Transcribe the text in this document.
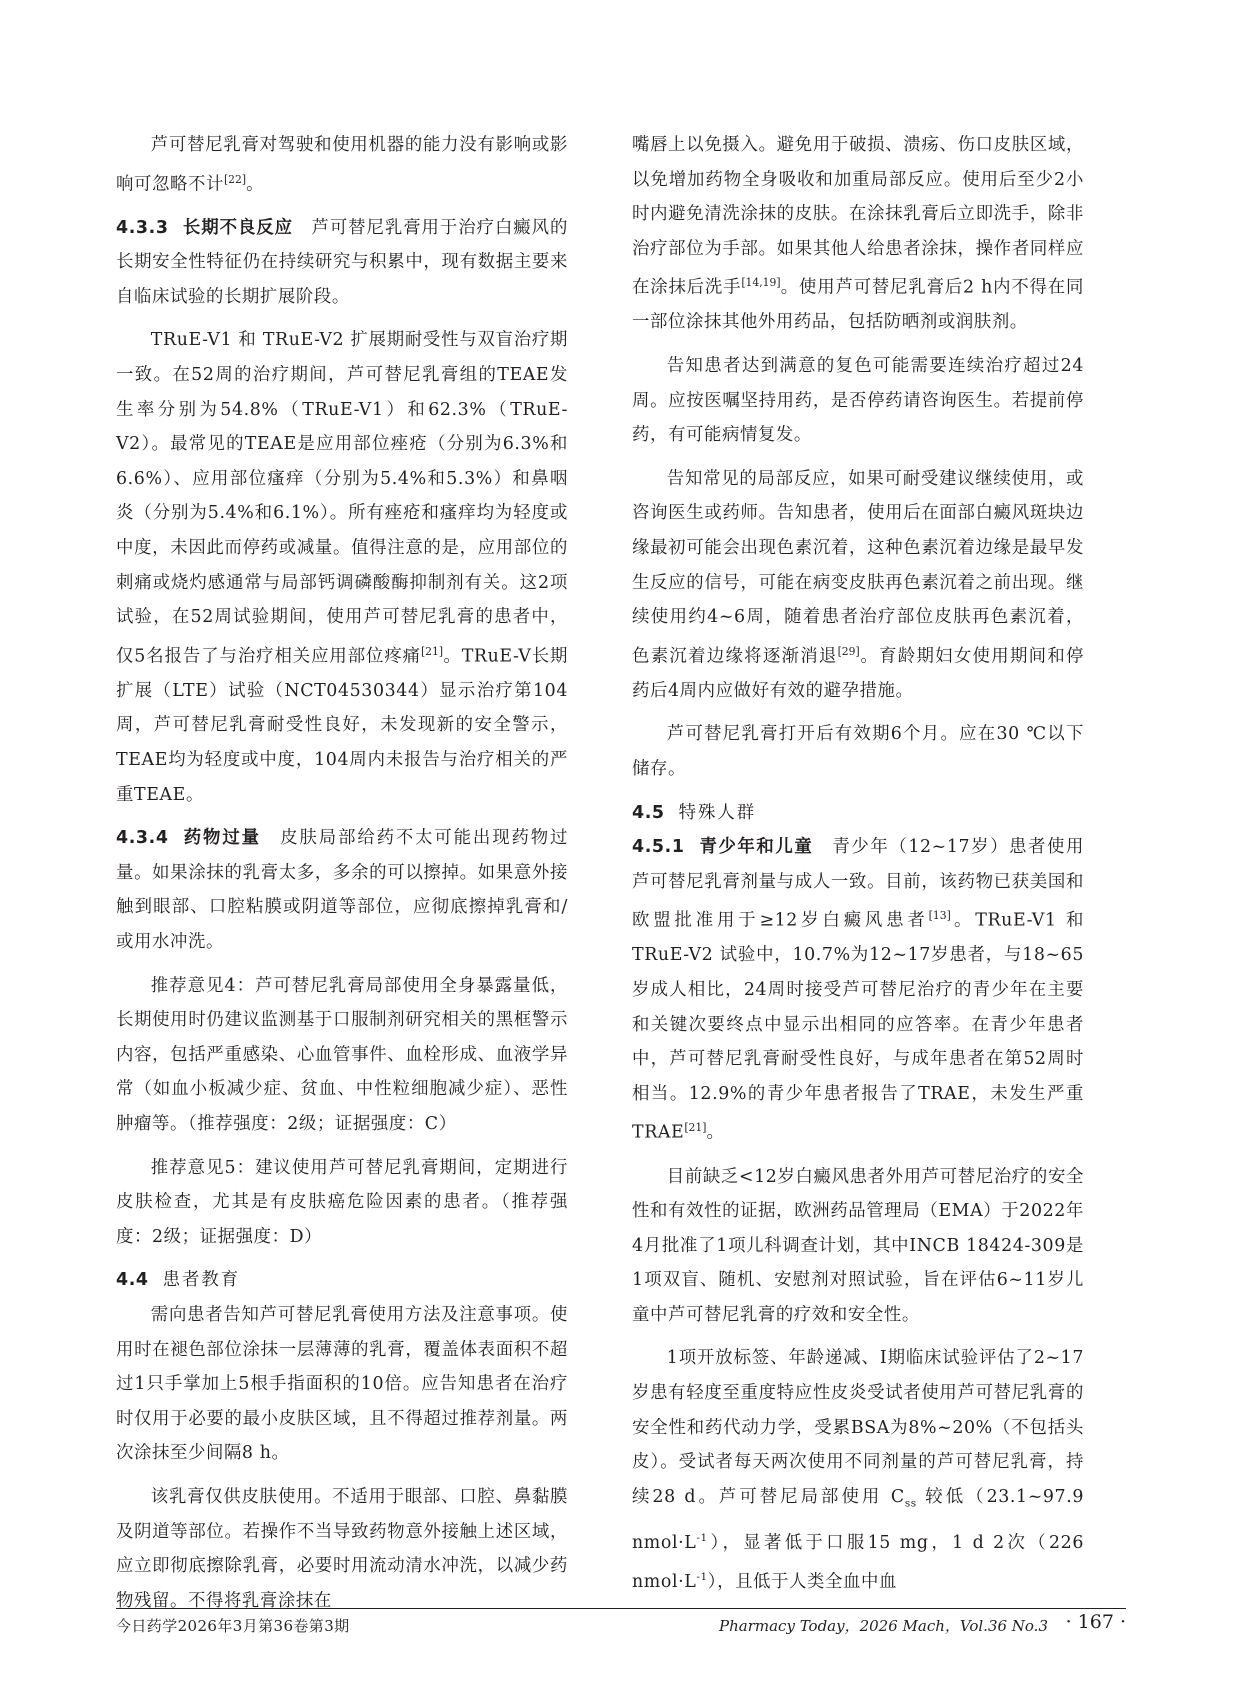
芦可替尼乳膏对驾驶和使用机器的能力没有影响或影响可忽略不计[22]。

4.3.3 长期不良反应 芦可替尼乳膏用于治疗白癜风的长期安全性特征仍在持续研究与积累中，现有数据主要来自临床试验的长期扩展阶段。

TRuE-V1 和 TRuE-V2 扩展期耐受性与双盲治疗期一致。在52周的治疗期间，芦可替尼乳膏组的TEAE发生率分别为54.8%（TRuE-V1）和62.3%（TRuE-V2）。最常见的TEAE是应用部位痤疮（分别为6.3%和6.6%）、应用部位瘙痒（分别为5.4%和5.3%）和鼻咽炎（分别为5.4%和6.1%）。所有痤疮和瘙痒均为轻度或中度，未因此而停药或减量。值得注意的是，应用部位的刺痛或烧灼感通常与局部钙调磷酸酶抑制剂有关。这2项试验，在52周试验期间，使用芦可替尼乳膏的患者中，仅5名报告了与治疗相关应用部位疼痛[21]。TRuE-V长期扩展（LTE）试验（NCT04530344）显示治疗第104周，芦可替尼乳膏耐受性良好，未发现新的安全警示，TEAE均为轻度或中度，104周内未报告与治疗相关的严重TEAE。

4.3.4 药物过量 皮肤局部给药不太可能出现药物过量。如果涂抹的乳膏太多，多余的可以擦掉。如果意外接触到眼部、口腔粘膜或阴道等部位，应彻底擦掉乳膏和/或用水冲洗。

推荐意见4：芦可替尼乳膏局部使用全身暴露量低，长期使用时仍建议监测基于口服制剂研究相关的黑框警示内容，包括严重感染、心血管事件、血栓形成、血液学异常（如血小板减少症、贫血、中性粒细胞减少症）、恶性肿瘤等。（推荐强度：2级；证据强度：C）

推荐意见5：建议使用芦可替尼乳膏期间，定期进行皮肤检查，尤其是有皮肤癌危险因素的患者。（推荐强度：2级；证据强度：D）

4.4 患者教育

需向患者告知芦可替尼乳膏使用方法及注意事项。使用时在褪色部位涂抹一层薄薄的乳膏，覆盖体表面积不超过1只手掌加上5根手指面积的10倍。应告知患者在治疗时仅用于必要的最小皮肤区域，且不得超过推荐剂量。两次涂抹至少间隔8 h。

该乳膏仅供皮肤使用。不适用于眼部、口腔、鼻黏膜及阴道等部位。若操作不当导致药物意外接触上述区域，应立即彻底擦除乳膏，必要时用流动清水冲洗，以减少药物残留。不得将乳膏涂抹在

嘴唇上以免摄入。避免用于破损、溃疡、伤口皮肤区域，以免增加药物全身吸收和加重局部反应。使用后至少2小时内避免清洗涂抹的皮肤。在涂抹乳膏后立即洗手，除非治疗部位为手部。如果其他人给患者涂抹，操作者同样应在涂抹后洗手[14,19]。使用芦可替尼乳膏后2 h内不得在同一部位涂抹其他外用药品，包括防晒剂或润肤剂。

告知患者达到满意的复色可能需要连续治疗超过24周。应按医嘱坚持用药，是否停药请咨询医生。若提前停药，有可能病情复发。

告知常见的局部反应，如果可耐受建议继续使用，或咨询医生或药师。告知患者，使用后在面部白癜风斑块边缘最初可能会出现色素沉着，这种色素沉着边缘是最早发生反应的信号，可能在病变皮肤再色素沉着之前出现。继续使用约4~6周，随着患者治疗部位皮肤再色素沉着，色素沉着边缘将逐渐消退[29]。育龄期妇女使用期间和停药后4周内应做好有效的避孕措施。

芦可替尼乳膏打开后有效期6个月。应在30 ℃以下储存。

4.5 特殊人群

4.5.1 青少年和儿童 青少年（12~17岁）患者使用芦可替尼乳膏剂量与成人一致。目前，该药物已获美国和欧盟批准用于≥12岁白癜风患者[13]。TRuE-V1 和 TRuE-V2 试验中，10.7%为12~17岁患者，与18~65岁成人相比，24周时接受芦可替尼治疗的青少年在主要和关键次要终点中显示出相同的应答率。在青少年患者中，芦可替尼乳膏耐受性良好，与成年患者在第52周时相当。12.9%的青少年患者报告了TRAE，未发生严重TRAE[21]。

目前缺乏<12岁白癜风患者外用芦可替尼治疗的安全性和有效性的证据，欧洲药品管理局（EMA）于2022年4月批准了1项儿科调查计划，其中INCB 18424-309是1项双盲、随机、安慰剂对照试验，旨在评估6~11岁儿童中芦可替尼乳膏的疗效和安全性。

1项开放标签、年龄递减、Ⅰ期临床试验评估了2~17岁患有轻度至重度特应性皮炎受试者使用芦可替尼乳膏的安全性和药代动力学，受累BSA为8%~20%（不包括头皮）。受试者每天两次使用不同剂量的芦可替尼乳膏，持续28 d。芦可替尼局部使用 $C_{ss}$ 较低（23.1~97.9 $nmol\cdot L^{-1}$），显著低于口服15 mg，1 d 2次（226 $nmol\cdot L^{-1}$），且低于人类全血中血

今日药学2026年3月第36卷第3期	Pharmacy Today，2026 Mach，Vol.36 No.3 · 167 ·
